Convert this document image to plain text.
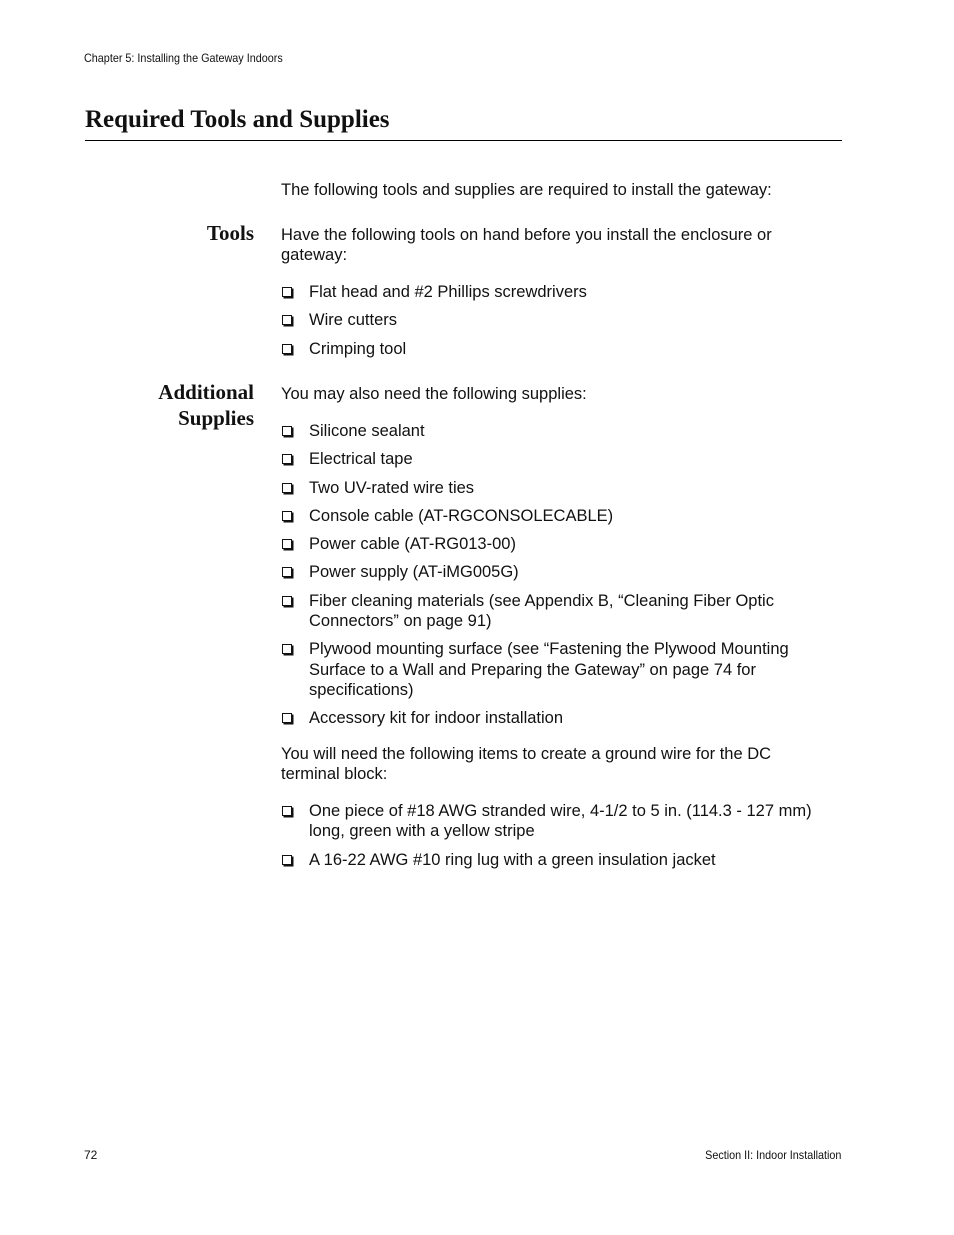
Chapter 5: Installing the Gateway Indoors
Required Tools and Supplies

The following tools and supplies are required to install the gateway:

Tools Have the following tools on hand before you install the enclosure or gateway:

Flat head and #2 Phillips screwdrivers
Wire cutters
Crimping tool
Additional
Supplies

You may also need the following supplies:

Silicone sealant
Electrical tape
Two UV-rated wire ties
Console cable (AT-RGCONSOLECABLE)
Power cable (AT-RG013-00)
Power supply (AT-iMG005G)
Fiber cleaning materials (see Appendix B, “Cleaning Fiber Optic Connectors” on page 91)
Plywood mounting surface (see “Fastening the Plywood Mounting Surface to a Wall and Preparing the Gateway” on page 74 for specifications)
Accessory kit for indoor installation

You will need the following items to create a ground wire for the DC terminal block:

One piece of #18 AWG stranded wire, 4-1/2 to 5 in. (114.3 - 127 mm) long, green with a yellow stripe
A 16-22 AWG #10 ring lug with a green insulation jacket
72	Section II: Indoor Installation
